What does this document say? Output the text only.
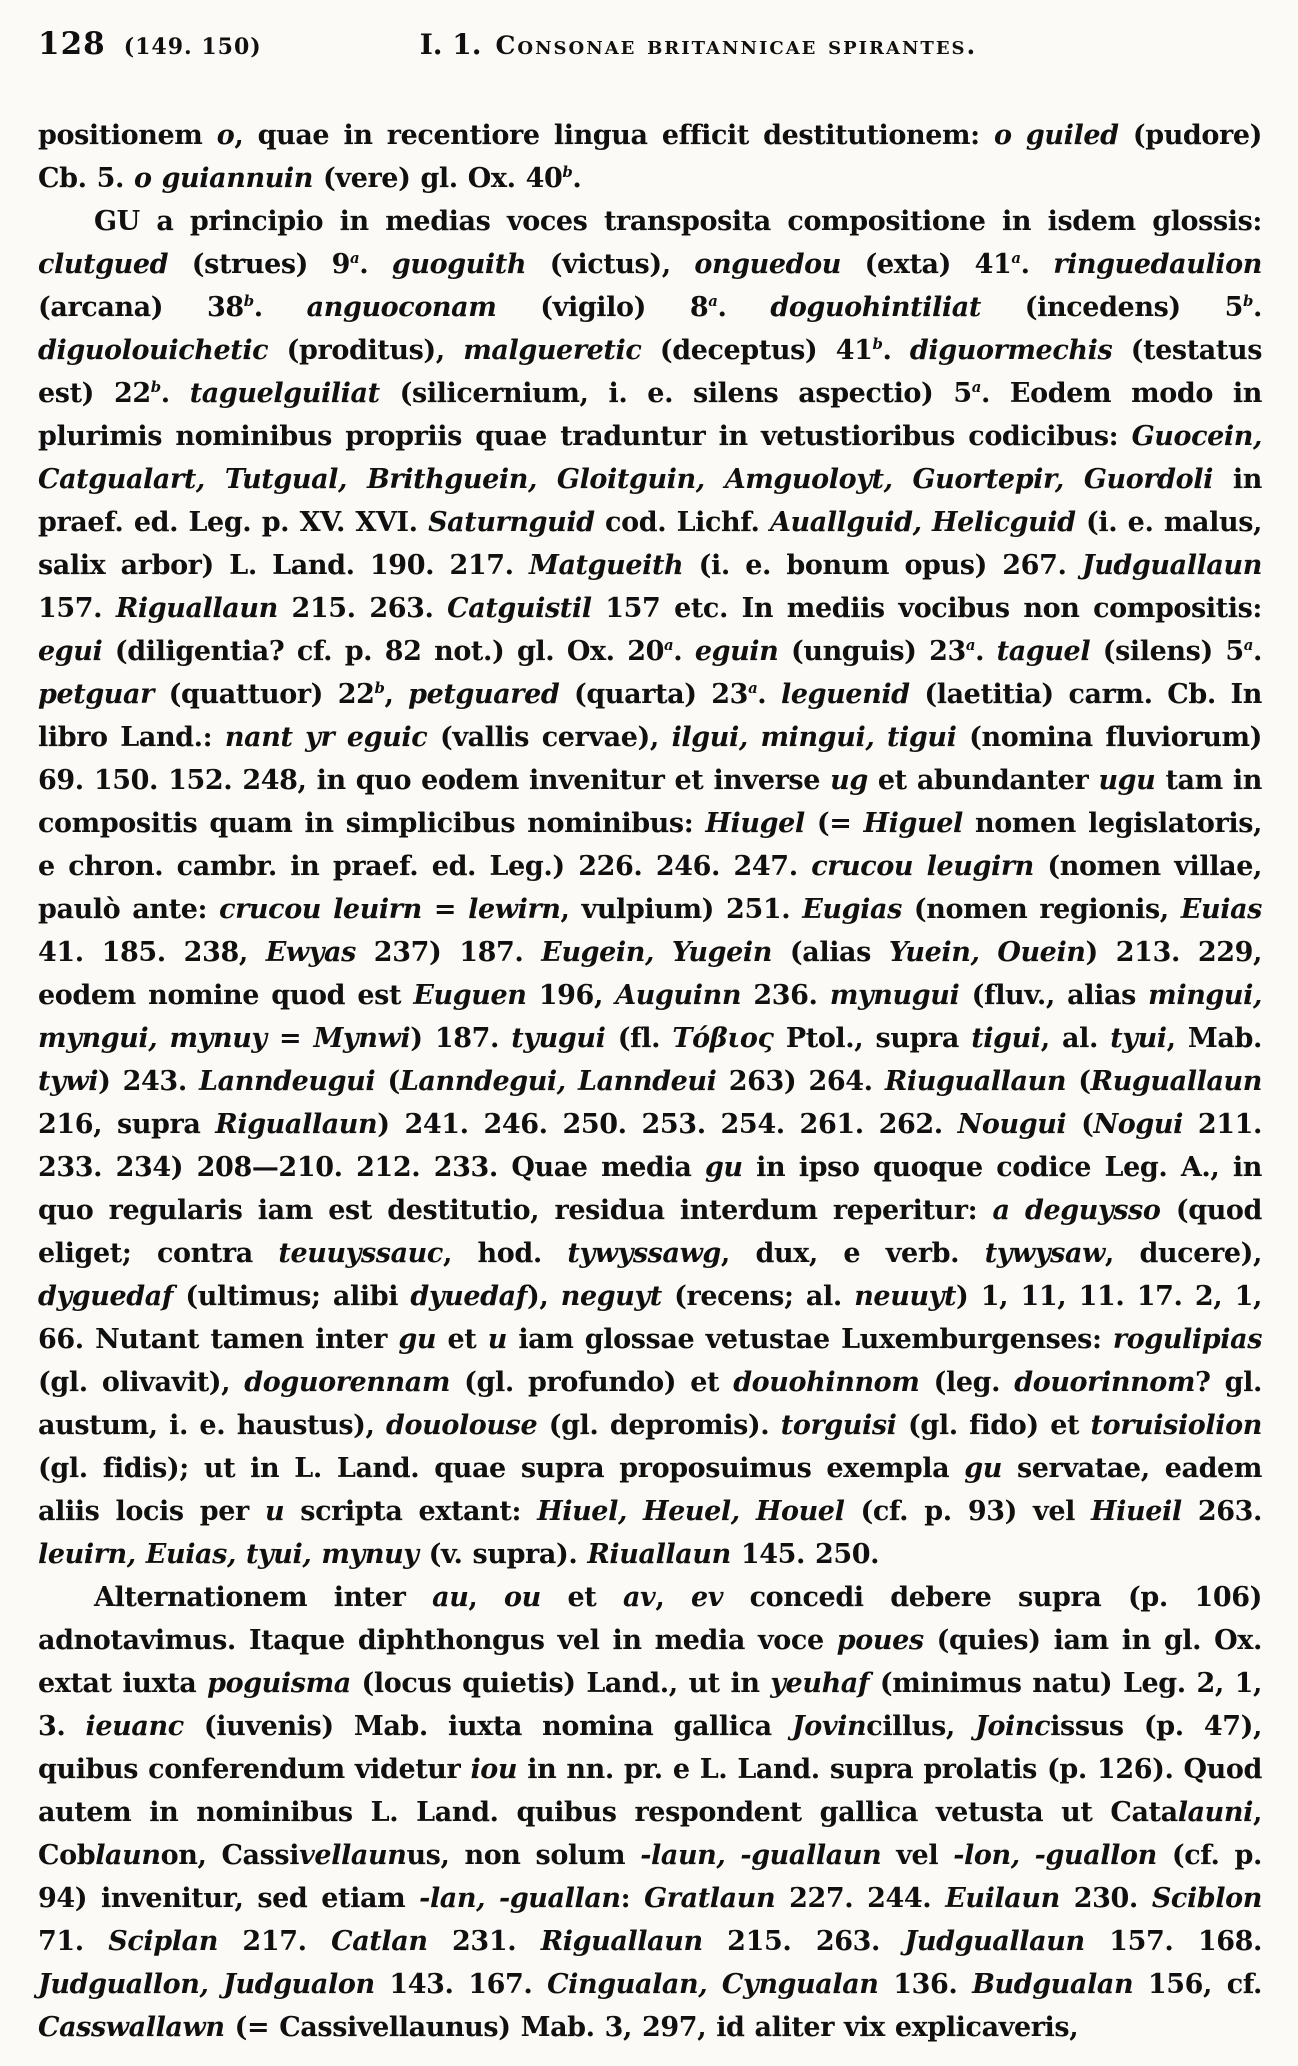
128 (149. 150)	I. 1. Consonae britannicae spirantes.

positionem o, quae in recentiore lingua efficit destitutionem: o guiled (pudore) Cb. 5. o guiannuin (vere) gl. Ox. 40$^b$.

GU a principio in medias voces transposita compositione in isdem glossis: clutgued (strues) 9$^a$. guoguith (victus), onguedou (exta) 41$^a$. ringuedaulion (arcana) 38$^b$. anguoconam (vigilo) 8$^a$. doguohintiliat (incedens) 5$^b$. diguolouichetic (proditus), malgueretic (deceptus) 41$^b$. diguormechis (testatus est) 22$^b$. taguelguiliat (silicernium, i. e. silens aspectio) 5$^a$. Eodem modo in plurimis nominibus propriis quae traduntur in vetustioribus codicibus: Guocein, Catgualart, Tutgual, Brithguein, Gloitguin, Amguoloyt, Guortepir, Guordoli in praef. ed. Leg. p. XV. XVI. Saturnguid cod. Lichf. Auallguid, Helicguid (i. e. malus, salix arbor) L. Land. 190. 217. Matgueith (i. e. bonum opus) 267. Judguallaun 157. Riguallaun 215. 263. Catguistil 157 etc. In mediis vocibus non compositis: egui (diligentia? cf. p. 82 not.) gl. Ox. 20$^a$. eguin (unguis) 23$^a$. taguel (silens) 5$^a$. petguar (quattuor) 22$^b$, petguared (quarta) 23$^a$. leguenid (laetitia) carm. Cb. In libro Land.: nant yr eguic (vallis cervae), ilgui, mingui, tigui (nomina fluviorum) 69. 150. 152. 248, in quo eodem invenitur et inverse ug et abundanter ugu tam in compositis quam in simplicibus nominibus: Hiugel (= Higuel nomen legislatoris, e chron. cambr. in praef. ed. Leg.) 226. 246. 247. crucou leugirn (nomen villae, paulò ante: crucou leuirn = lewirn, vulpium) 251. Eugias (nomen regionis, Euias 41. 185. 238, Ewyas 237) 187. Eugein, Yugein (alias Yuein, Ouein) 213. 229, eodem nomine quod est Euguen 196, Auguinn 236. mynugui (fluv., alias mingui, myngui, mynuy = Mynwi) 187. tyugui (fl. Τόβιος Ptol., supra tigui, al. tyui, Mab. tywi) 243. Lanndeugui (Lanndegui, Lanndeui 263) 264. Riuguallaun (Ruguallaun 216, supra Riguallaun) 241. 246. 250. 253. 254. 261. 262. Nougui (Nogui 211. 233. 234) 208—210. 212. 233. Quae media gu in ipso quoque codice Leg. A., in quo regularis iam est destitutio, residua interdum reperitur: a deguysso (quod eliget; contra teuuyssauc, hod. tywyssawg, dux, e verb. tywysaw, ducere), dyguedaf (ultimus; alibi dyuedaf), neguyt (recens; al. neuuyt) 1, 11, 11. 17. 2, 1, 66. Nutant tamen inter gu et u iam glossae vetustae Luxemburgenses: rogulipias (gl. olivavit), doguorennam (gl. profundo) et douohinnom (leg. douorinnom? gl. austum, i. e. haustus), douolouse (gl. depromis). torguisi (gl. fido) et toruisiolion (gl. fidis); ut in L. Land. quae supra proposuimus exempla gu servatae, eadem aliis locis per u scripta extant: Hiuel, Heuel, Houel (cf. p. 93) vel Hiueil 263. leuirn, Euias, tyui, mynuy (v. supra). Riuallaun 145. 250.

Alternationem inter au, ou et av, ev concedi debere supra (p. 106) adnotavimus. Itaque diphthongus vel in media voce poues (quies) iam in gl. Ox. extat iuxta poguisma (locus quietis) Land., ut in yeuhaf (minimus natu) Leg. 2, 1, 3. ieuanc (iuvenis) Mab. iuxta nomina gallica Jovincillus, Joincissus (p. 47), quibus conferendum videtur iou in nn. pr. e L. Land. supra prolatis (p. 126). Quod autem in nominibus L. Land. quibus respondent gallica vetusta ut Catalauni, Coblaunon, Cassivellaunus, non solum -laun, -guallaun vel -lon, -guallon (cf. p. 94) invenitur, sed etiam -lan, -guallan: Gratlaun 227. 244. Euilaun 230. Sciblon 71. Sciplan 217. Catlan 231. Riguallaun 215. 263. Judguallaun 157. 168. Judguallon, Judgualon 143. 167. Cingualan, Cyngualan 136. Budgualan 156, cf. Casswallawn (= Cassivellaunus) Mab. 3, 297, id aliter vix explicaveris,
